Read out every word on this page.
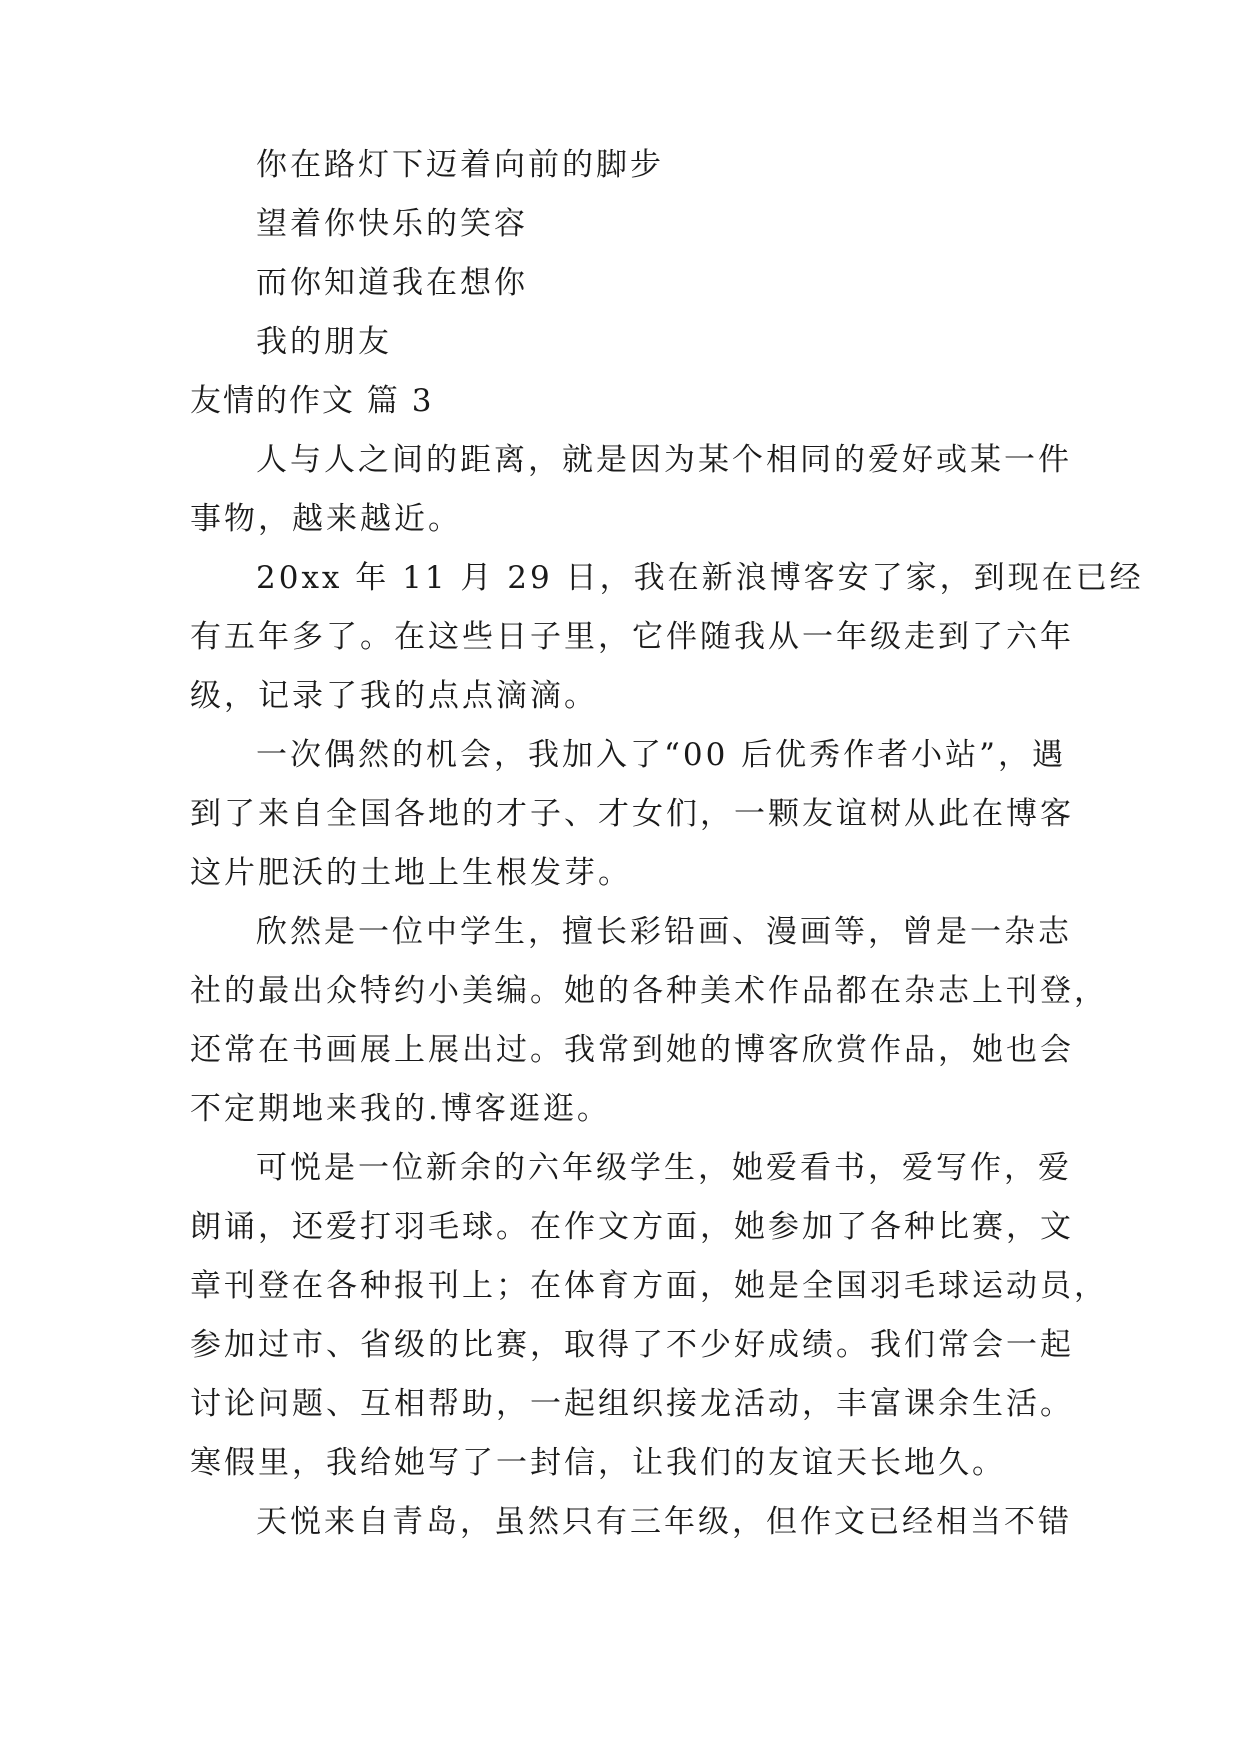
你在路灯下迈着向前的脚步
望着你快乐的笑容
而你知道我在想你
我的朋友
友情的作文 篇 3
人与人之间的距离，就是因为某个相同的爱好或某一件
事物，越来越近。
20xx 年 11 月 29 日，我在新浪博客安了家，到现在已经
有五年多了。在这些日子里，它伴随我从一年级走到了六年
级，记录了我的点点滴滴。
一次偶然的机会，我加入了“00 后优秀作者小站”，遇
到了来自全国各地的才子、才女们，一颗友谊树从此在博客
这片肥沃的土地上生根发芽。
欣然是一位中学生，擅长彩铅画、漫画等，曾是一杂志
社的最出众特约小美编。她的各种美术作品都在杂志上刊登，
还常在书画展上展出过。我常到她的博客欣赏作品，她也会
不定期地来我的.博客逛逛。
可悦是一位新余的六年级学生，她爱看书，爱写作，爱
朗诵，还爱打羽毛球。在作文方面，她参加了各种比赛，文
章刊登在各种报刊上；在体育方面，她是全国羽毛球运动员，
参加过市、省级的比赛，取得了不少好成绩。我们常会一起
讨论问题、互相帮助，一起组织接龙活动，丰富课余生活。
寒假里，我给她写了一封信，让我们的友谊天长地久。
天悦来自青岛，虽然只有三年级，但作文已经相当不错
